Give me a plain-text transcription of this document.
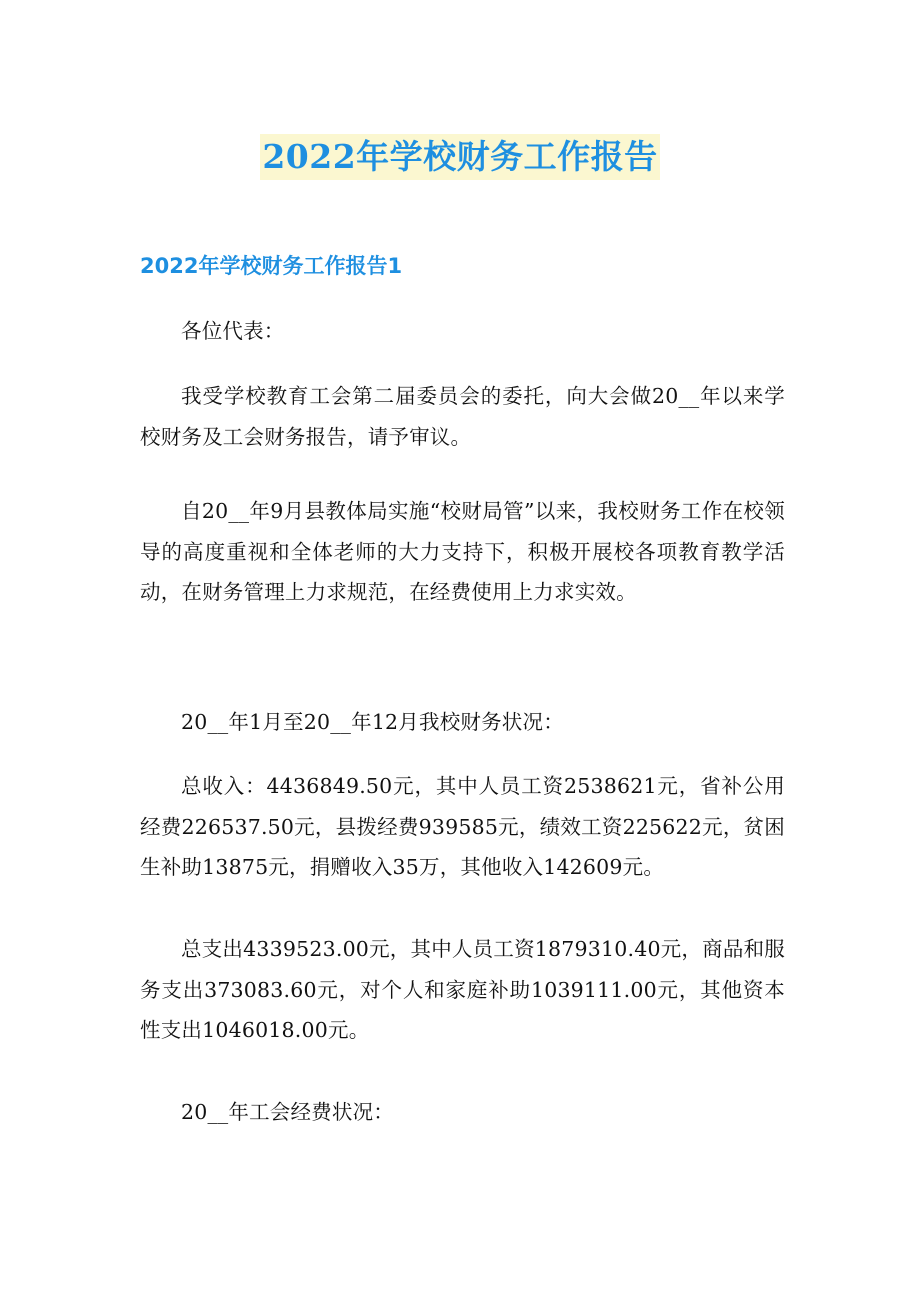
2022年学校财务工作报告
2022年学校财务工作报告1

各位代表：

我受学校教育工会第二届委员会的委托，向大会做20__年以来学校财务及工会财务报告，请予审议。

自20__年9月县教体局实施“校财局管”以来，我校财务工作在校领导的高度重视和全体老师的大力支持下，积极开展校各项教育教学活动，在财务管理上力求规范，在经费使用上力求实效。

20__年1月至20__年12月我校财务状况：

总收入：4436849.50元，其中人员工资2538621元，省补公用经费226537.50元，县拨经费939585元，绩效工资225622元，贫困生补助13875元，捐赠收入35万，其他收入142609元。

总支出4339523.00元，其中人员工资1879310.40元，商品和服务支出373083.60元，对个人和家庭补助1039111.00元，其他资本性支出1046018.00元。

20__年工会经费状况：
